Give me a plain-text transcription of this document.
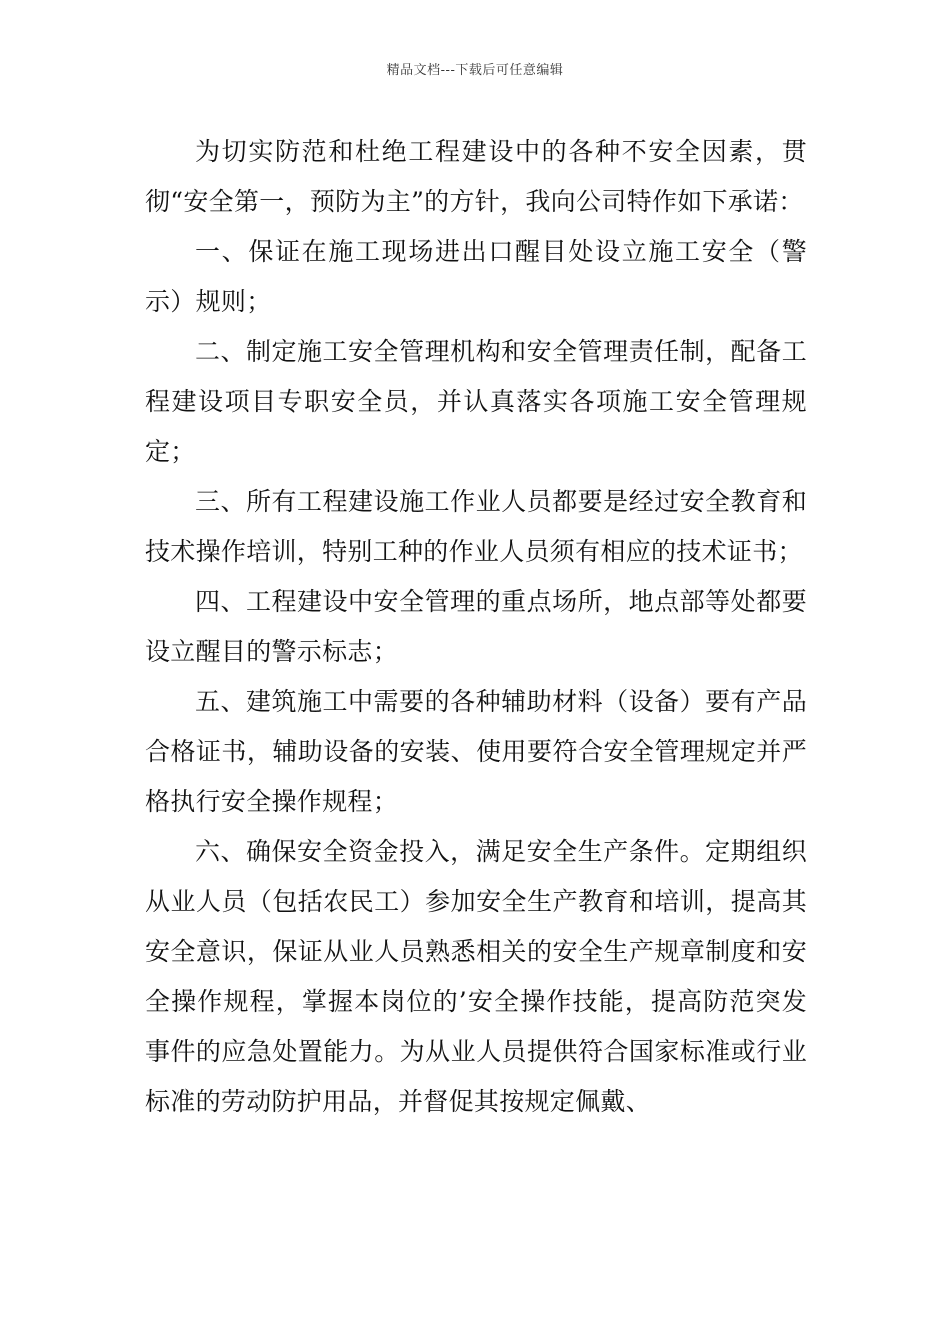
精品文档---下载后可任意编辑

为切实防范和杜绝工程建设中的各种不安全因素，贯彻“安全第一，预防为主”的方针，我向公司特作如下承诺：

一、保证在施工现场进出口醒目处设立施工安全（警示）规则；

二、制定施工安全管理机构和安全管理责任制，配备工程建设项目专职安全员，并认真落实各项施工安全管理规定；

三、所有工程建设施工作业人员都要是经过安全教育和技术操作培训，特别工种的作业人员须有相应的技术证书；

四、工程建设中安全管理的重点场所，地点部等处都要设立醒目的警示标志；

五、建筑施工中需要的各种辅助材料（设备）要有产品合格证书，辅助设备的安装、使用要符合安全管理规定并严格执行安全操作规程；

六、确保安全资金投入，满足安全生产条件。定期组织从业人员（包括农民工）参加安全生产教育和培训，提高其安全意识，保证从业人员熟悉相关的安全生产规章制度和安全操作规程，掌握本岗位的’安全操作技能，提高防范突发事件的应急处置能力。为从业人员提供符合国家标准或行业标准的劳动防护用品，并督促其按规定佩戴、
